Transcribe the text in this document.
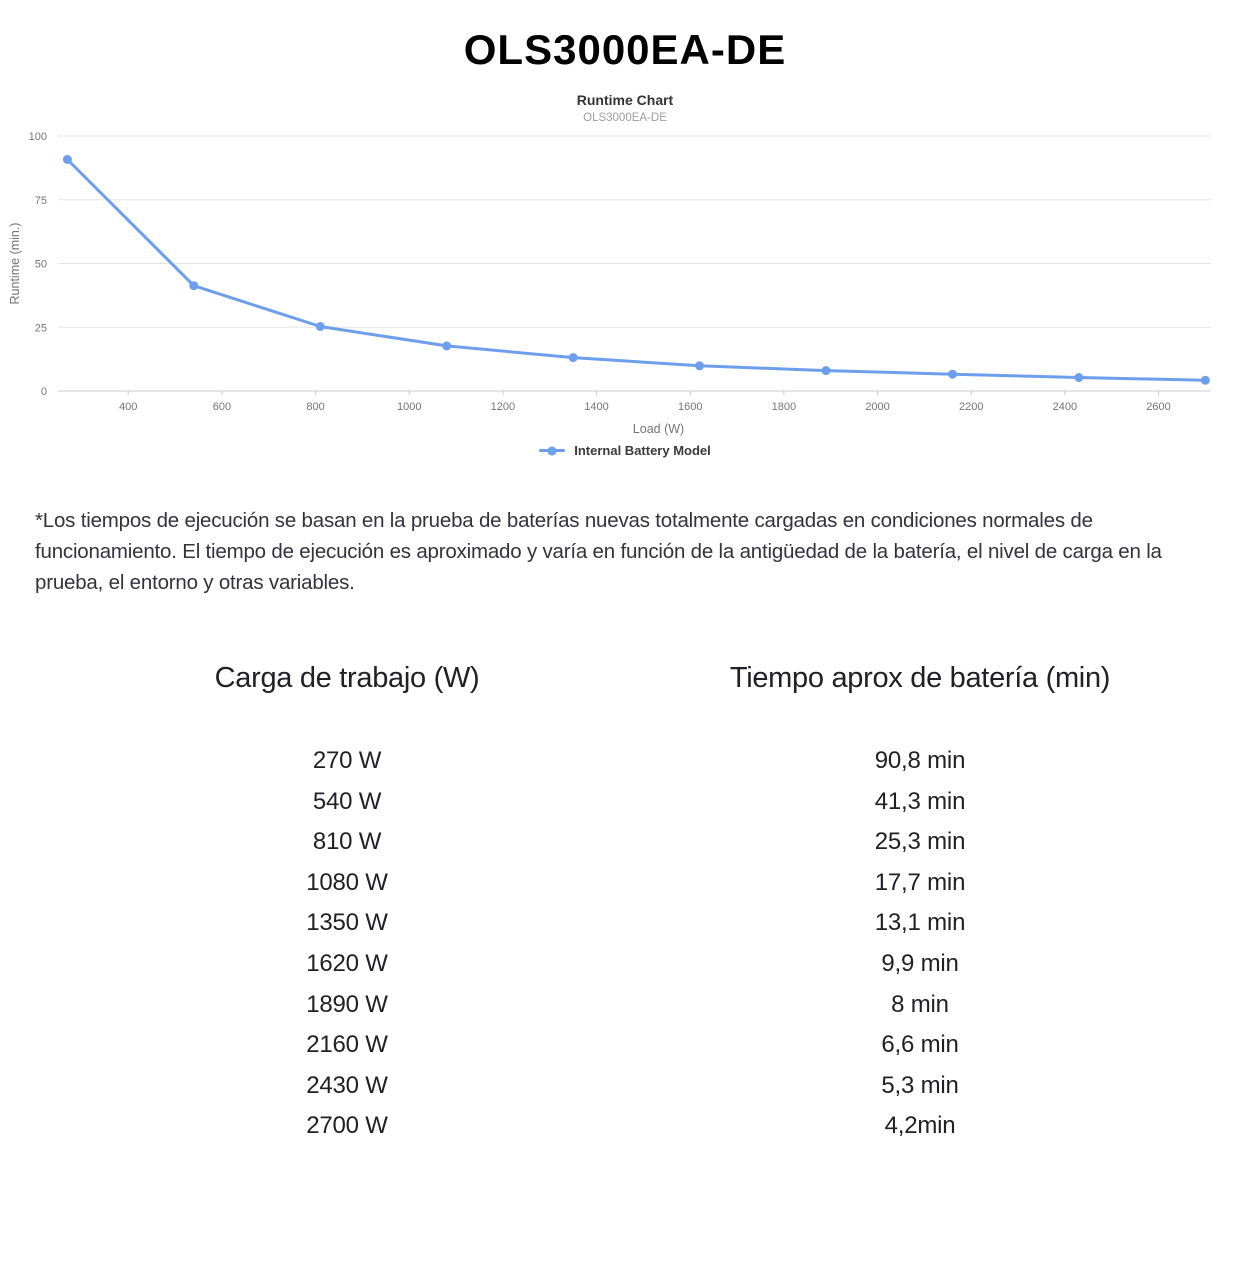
OLS3000EA-DE
Runtime Chart
OLS3000EA-DE
0
25
50
75
100
400	600	800	1000	1200	1400	1600	1800	2000	2200	2400	2600
Runtime (min.)
Load (W)
Internal Battery Model

*Los tiempos de ejecución se basan en la prueba de baterías nuevas totalmente cargadas en condiciones normales de funcionamiento. El tiempo de ejecución es aproximado y varía en función de la antigüedad de la batería, el nivel de carga en la prueba, el entorno y otras variables.

Carga de trabajo (W)	Tiempo aprox de batería (min)
270 W	90,8 min
540 W	41,3 min
810 W	25,3 min
1080 W	17,7 min
1350 W	13,1 min
1620 W	9,9 min
1890 W	8 min
2160 W	6,6 min
2430 W	5,3 min
2700 W	4,2min
